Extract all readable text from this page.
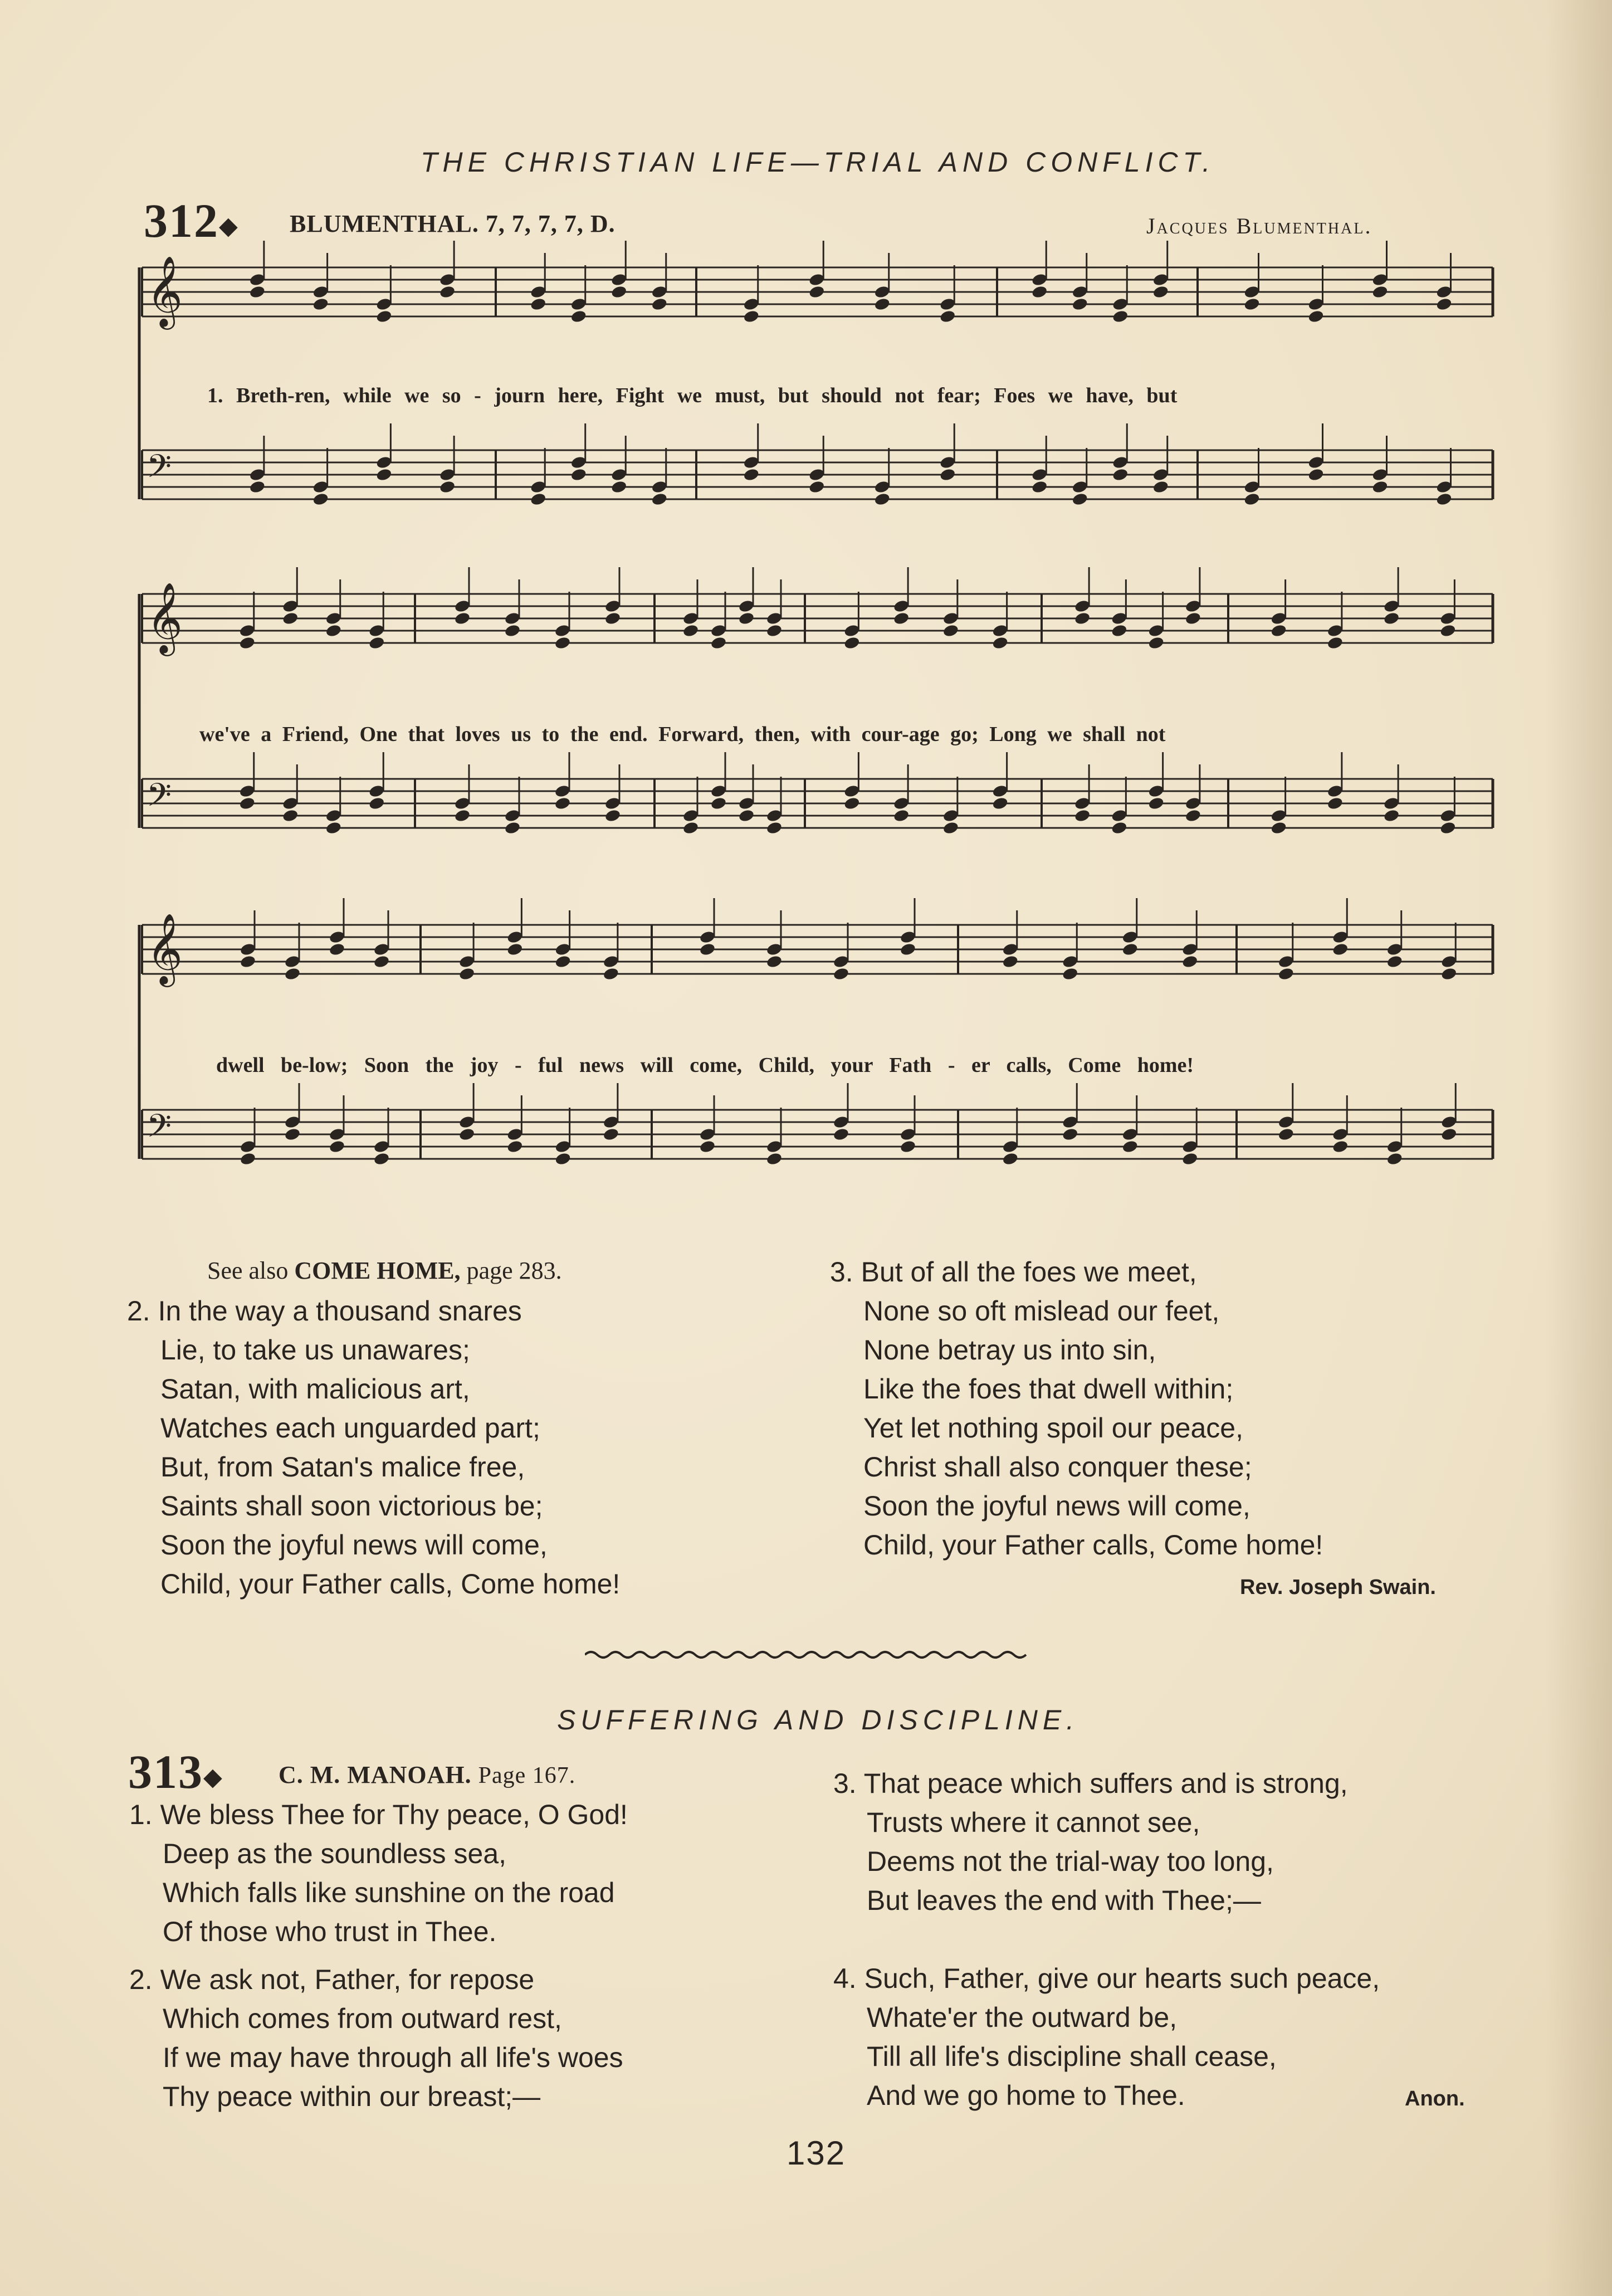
THE CHRISTIAN LIFE—TRIAL AND CONFLICT.
312◆ BLUMENTHAL. 7, 7, 7, 7, D.	Jacques Blumenthal.
𝄞
𝄢
𝄞
𝄢
𝄞
𝄢
1. Breth-ren, while we so - journ here, Fight we must, but should not fear; Foes we have, but
we've a Friend, One that loves us to the end. Forward, then, with cour-age go; Long we shall not
dwell be-low; Soon the joy - ful news will come, Child, your Fath - er calls, Come home!
See also COME HOME, page 283.
2. In the way a thousand snares
Lie, to take us unawares;
Satan, with malicious art,
Watches each unguarded part;
But, from Satan's malice free,
Saints shall soon victorious be;
Soon the joyful news will come,
Child, your Father calls, Come home!
3. But of all the foes we meet,
None so oft mislead our feet,
None betray us into sin,
Like the foes that dwell within;
Yet let nothing spoil our peace,
Christ shall also conquer these;
Soon the joyful news will come,
Child, your Father calls, Come home!
Rev. Joseph Swain.
SUFFERING AND DISCIPLINE.
313◆ C. M. MANOAH. Page 167.
1. We bless Thee for Thy peace, O God!
Deep as the soundless sea,
Which falls like sunshine on the road
Of those who trust in Thee.
2. We ask not, Father, for repose
Which comes from outward rest,
If we may have through all life's woes
Thy peace within our breast;—
3. That peace which suffers and is strong,
Trusts where it cannot see,
Deems not the trial-way too long,
But leaves the end with Thee;—
4. Such, Father, give our hearts such peace,
Whate'er the outward be,
Till all life's discipline shall cease,
And we go home to Thee.	Anon.
132
